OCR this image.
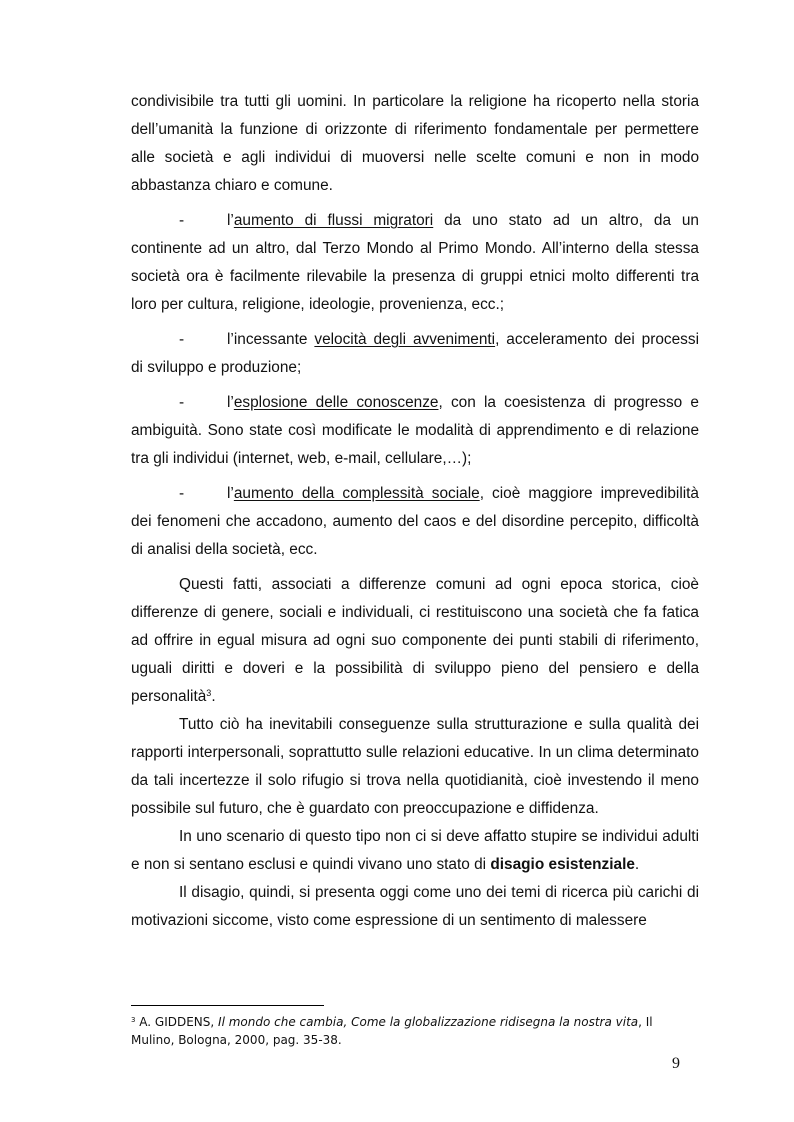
condivisibile tra tutti gli uomini. In particolare la religione ha ricoperto nella storia dell’umanità la funzione di orizzonte di riferimento fondamentale per permettere alle società e agli individui di muoversi nelle scelte comuni e non in modo abbastanza chiaro e comune.

-	l’aumento di flussi migratori da uno stato ad un altro, da un continente ad un altro, dal Terzo Mondo al Primo Mondo. All’interno della stessa società ora è facilmente rilevabile la presenza di gruppi etnici molto differenti tra loro per cultura, religione, ideologie, provenienza, ecc.;

-	l’incessante velocità degli avvenimenti, acceleramento dei processi di sviluppo e produzione;

-	l’esplosione delle conoscenze, con la coesistenza di progresso e ambiguità. Sono state così modificate le modalità di apprendimento e di relazione tra gli individui (internet, web, e-mail, cellulare,…);

-	l’aumento della complessità sociale, cioè maggiore imprevedibilità dei fenomeni che accadono, aumento del caos e del disordine percepito, difficoltà di analisi della società, ecc.

Questi fatti, associati a differenze comuni ad ogni epoca storica, cioè differenze di genere, sociali e individuali, ci restituiscono una società che fa fatica ad offrire in egual misura ad ogni suo componente dei punti stabili di riferimento, uguali diritti e doveri e la possibilità di sviluppo pieno del pensiero e della personalità$^3$.

Tutto ciò ha inevitabili conseguenze sulla strutturazione e sulla qualità dei rapporti interpersonali, soprattutto sulle relazioni educative. In un clima determinato da tali incertezze il solo rifugio si trova nella quotidianità, cioè investendo il meno possibile sul futuro, che è guardato con preoccupazione e diffidenza.

In uno scenario di questo tipo non ci si deve affatto stupire se individui adulti e non si sentano esclusi e quindi vivano uno stato di disagio esistenziale.

Il disagio, quindi, si presenta oggi come uno dei temi di ricerca più carichi di motivazioni siccome, visto come espressione di un sentimento di malessere

$^3$ A. GIDDENS, Il mondo che cambia, Come la globalizzazione ridisegna la nostra vita, Il Mulino, Bologna, 2000, pag. 35-38.
9
